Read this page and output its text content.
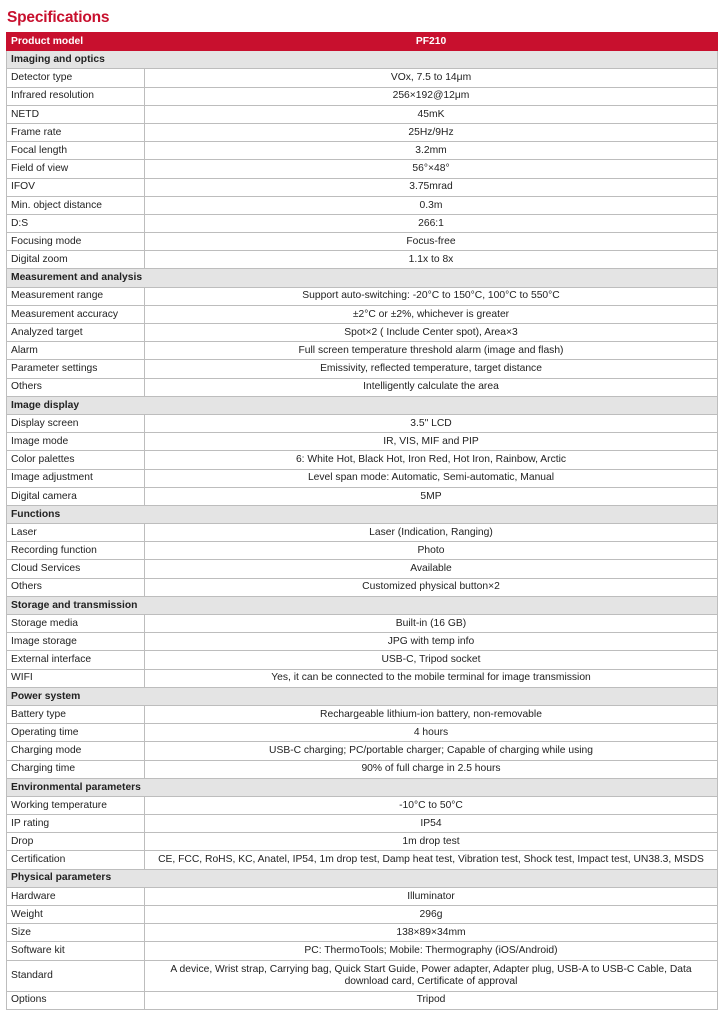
Specifications
Product model	PF210
Imaging and optics	
Detector type	VOx, 7.5 to 14μm
Infrared resolution	256×192@12μm
NETD	45mK
Frame rate	25Hz/9Hz
Focal length	3.2mm
Field of view	56°×48°
IFOV	3.75mrad
Min. object distance	0.3m
D:S	266:1
Focusing mode	Focus-free
Digital zoom	1.1x to 8x
Measurement and analysis	
Measurement range	Support auto-switching: -20°C to 150°C, 100°C to 550°C
Measurement accuracy	±2°C or ±2%, whichever is greater
Analyzed target	Spot×2 ( Include Center spot), Area×3
Alarm	Full screen temperature threshold alarm (image and flash)
Parameter settings	Emissivity, reflected temperature, target distance
Others	Intelligently calculate the area
Image display	
Display screen	3.5" LCD
Image mode	IR, VIS, MIF and PIP
Color palettes	6: White Hot, Black Hot, Iron Red, Hot Iron, Rainbow, Arctic
Image adjustment	Level span mode: Automatic, Semi-automatic, Manual
Digital camera	5MP
Functions	
Laser	Laser (Indication, Ranging)
Recording function	Photo
Cloud Services	Available
Others	Customized physical button×2
Storage and transmission	
Storage media	Built-in (16 GB)
Image storage	JPG with temp info
External interface	USB-C, Tripod socket
WIFI	Yes, it can be connected to the mobile terminal for image transmission
Power system	
Battery type	Rechargeable lithium-ion battery, non-removable
Operating time	4 hours
Charging mode	USB-C charging; PC/portable charger; Capable of charging while using
Charging time	90% of full charge in 2.5 hours
Environmental parameters	
Working temperature	-10°C to 50°C
IP rating	IP54
Drop	1m drop test
Certification	CE, FCC, RoHS, KC, Anatel, IP54, 1m drop test, Damp heat test, Vibration test, Shock test, Impact test, UN38.3, MSDS
Physical parameters	
Hardware	Illuminator
Weight	296g
Size	138×89×34mm
Software kit	PC: ThermoTools; Mobile: Thermography (iOS/Android)
Standard	A device, Wrist strap, Carrying bag, Quick Start Guide, Power adapter, Adapter plug, USB-A to USB-C Cable, Data download card, Certificate of approval
Options	Tripod
